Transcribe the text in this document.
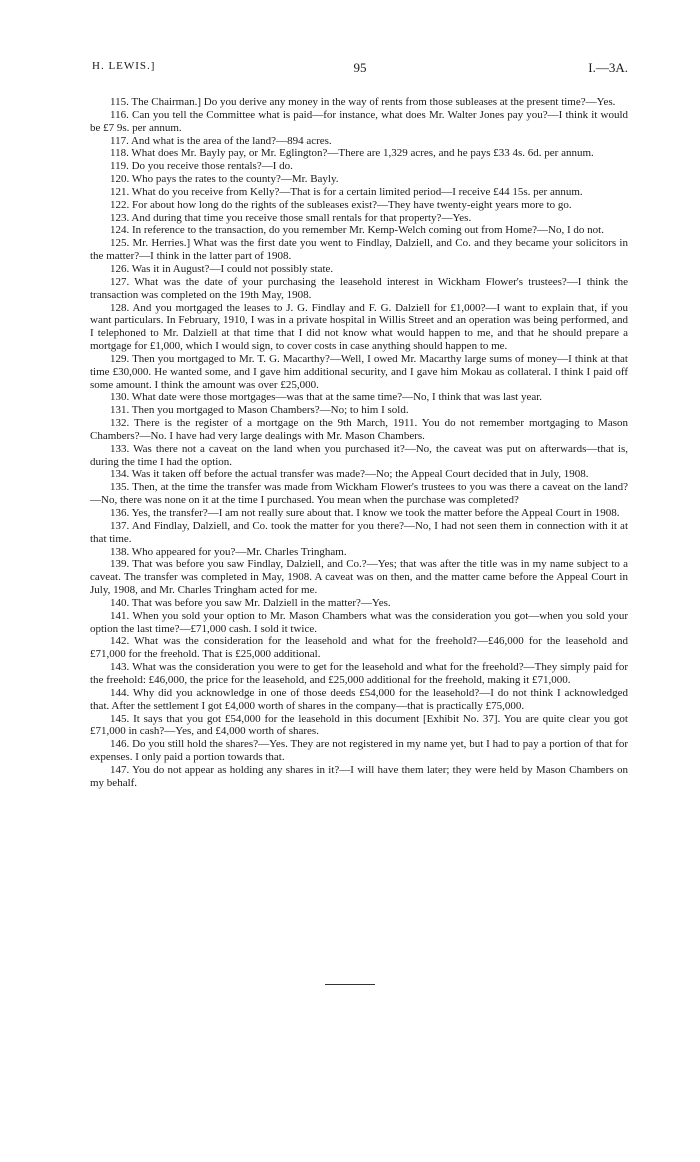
H. LEWIS.]	95	I.—3A.

115. The Chairman.] Do you derive any money in the way of rents from those subleases at the present time?—Yes.

116. Can you tell the Committee what is paid—for instance, what does Mr. Walter Jones pay you?—I think it would be £7 9s. per annum.

117. And what is the area of the land?—894 acres.

118. What does Mr. Bayly pay, or Mr. Eglington?—There are 1,329 acres, and he pays £33 4s. 6d. per annum.

119. Do you receive those rentals?—I do.

120. Who pays the rates to the county?—Mr. Bayly.

121. What do you receive from Kelly?—That is for a certain limited period—I receive £44 15s. per annum.

122. For about how long do the rights of the subleases exist?—They have twenty-eight years more to go.

123. And during that time you receive those small rentals for that property?—Yes.

124. In reference to the transaction, do you remember Mr. Kemp-Welch coming out from Home?—No, I do not.

125. Mr. Herries.] What was the first date you went to Findlay, Dalziell, and Co. and they became your solicitors in the matter?—I think in the latter part of 1908.

126. Was it in August?—I could not possibly state.

127. What was the date of your purchasing the leasehold interest in Wickham Flower's trustees?—I think the transaction was completed on the 19th May, 1908.

128. And you mortgaged the leases to J. G. Findlay and F. G. Dalziell for £1,000?—I want to explain that, if you want particulars. In February, 1910, I was in a private hospital in Willis Street and an operation was being performed, and I telephoned to Mr. Dalziell at that time that I did not know what would happen to me, and that he should prepare a mortgage for £1,000, which I would sign, to cover costs in case anything should happen to me.

129. Then you mortgaged to Mr. T. G. Macarthy?—Well, I owed Mr. Macarthy large sums of money—I think at that time £30,000. He wanted some, and I gave him additional security, and I gave him Mokau as collateral. I think I paid off some amount. I think the amount was over £25,000.

130. What date were those mortgages—was that at the same time?—No, I think that was last year.

131. Then you mortgaged to Mason Chambers?—No; to him I sold.

132. There is the register of a mortgage on the 9th March, 1911. You do not remember mortgaging to Mason Chambers?—No. I have had very large dealings with Mr. Mason Chambers.

133. Was there not a caveat on the land when you purchased it?—No, the caveat was put on afterwards—that is, during the time I had the option.

134. Was it taken off before the actual transfer was made?—No; the Appeal Court decided that in July, 1908.

135. Then, at the time the transfer was made from Wickham Flower's trustees to you was there a caveat on the land?—No, there was none on it at the time I purchased. You mean when the purchase was completed?

136. Yes, the transfer?—I am not really sure about that. I know we took the matter before the Appeal Court in 1908.

137. And Findlay, Dalziell, and Co. took the matter for you there?—No, I had not seen them in connection with it at that time.

138. Who appeared for you?—Mr. Charles Tringham.

139. That was before you saw Findlay, Dalziell, and Co.?—Yes; that was after the title was in my name subject to a caveat. The transfer was completed in May, 1908. A caveat was on then, and the matter came before the Appeal Court in July, 1908, and Mr. Charles Tringham acted for me.

140. That was before you saw Mr. Dalziell in the matter?—Yes.

141. When you sold your option to Mr. Mason Chambers what was the consideration you got—when you sold your option the last time?—£71,000 cash. I sold it twice.

142. What was the consideration for the leasehold and what for the freehold?—£46,000 for the leasehold and £71,000 for the freehold. That is £25,000 additional.

143. What was the consideration you were to get for the leasehold and what for the freehold?—They simply paid for the freehold: £46,000, the price for the leasehold, and £25,000 additional for the freehold, making it £71,000.

144. Why did you acknowledge in one of those deeds £54,000 for the leasehold?—I do not think I acknowledged that. After the settlement I got £4,000 worth of shares in the company—that is practically £75,000.

145. It says that you got £54,000 for the leasehold in this document [Exhibit No. 37]. You are quite clear you got £71,000 in cash?—Yes, and £4,000 worth of shares.

146. Do you still hold the shares?—Yes. They are not registered in my name yet, but I had to pay a portion of that for expenses. I only paid a portion towards that.

147. You do not appear as holding any shares in it?—I will have them later; they were held by Mason Chambers on my behalf.
